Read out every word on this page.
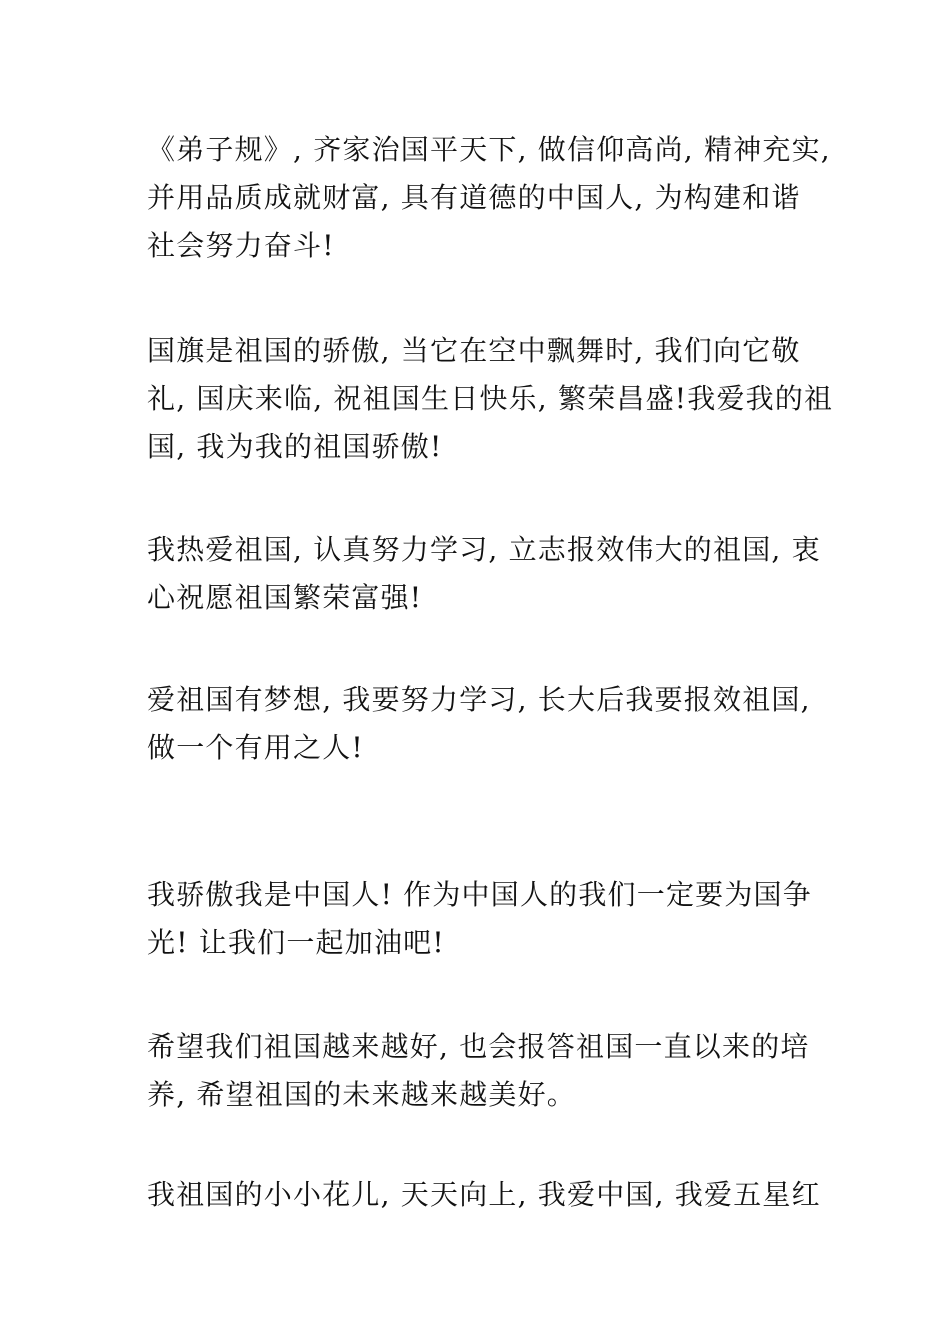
《弟子规》, 齐家治国平天下, 做信仰高尚, 精神充实,
并用品质成就财富, 具有道德的中国人, 为构建和谐
社会努力奋斗!

国旗是祖国的骄傲, 当它在空中飘舞时, 我们向它敬
礼, 国庆来临, 祝祖国生日快乐, 繁荣昌盛!我爱我的祖
国, 我为我的祖国骄傲!

我热爱祖国, 认真努力学习, 立志报效伟大的祖国, 衷
心祝愿祖国繁荣富强!

爱祖国有梦想, 我要努力学习, 长大后我要报效祖国,
做一个有用之人!

我骄傲我是中国人! 作为中国人的我们一定要为国争
光! 让我们一起加油吧!

希望我们祖国越来越好, 也会报答祖国一直以来的培
养, 希望祖国的未来越来越美好。

我祖国的小小花儿, 天天向上, 我爱中国, 我爱五星红
